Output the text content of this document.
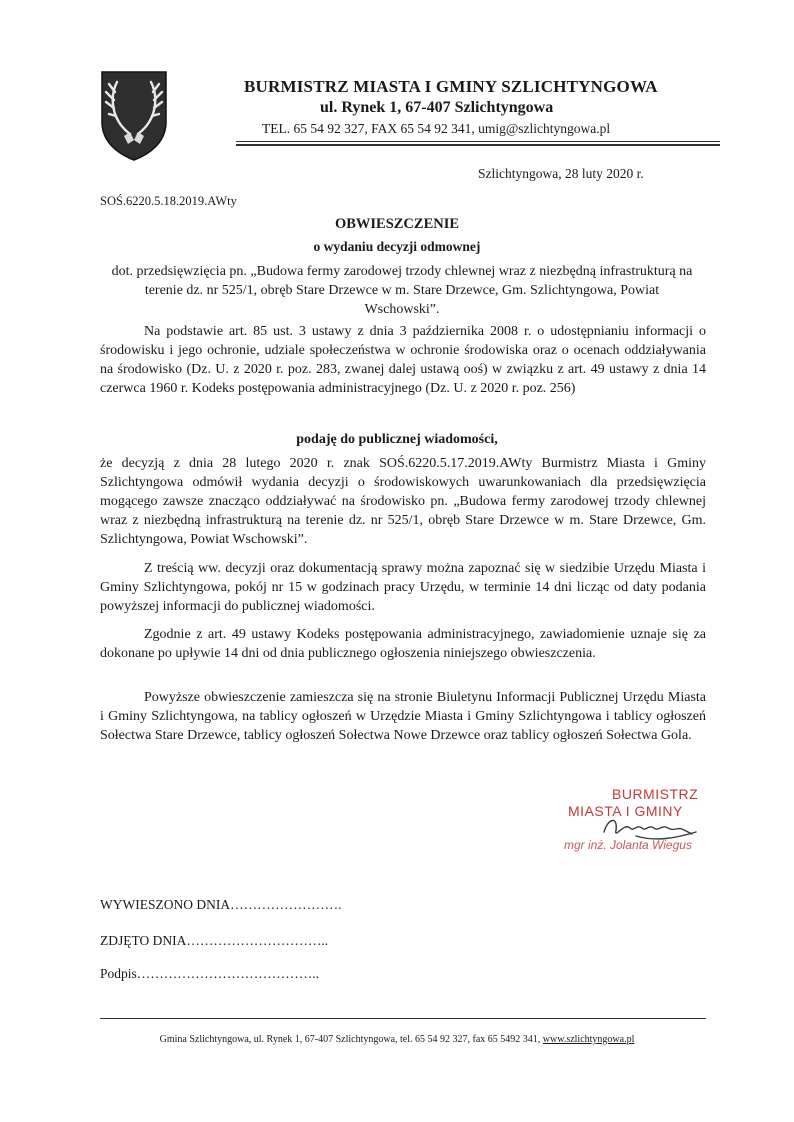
BURMISTRZ MIASTA I GMINY SZLICHTYNGOWA
ul. Rynek 1, 67-407 Szlichtyngowa
TEL. 65 54 92 327, FAX 65 54 92 341, umig@szlichtyngowa.pl
Szlichtyngowa, 28 luty 2020 r.
SOŚ.6220.5.18.2019.AWty
OBWIESZCZENIE
o wydaniu decyzji odmownej
dot. przedsięwzięcia pn. „Budowa fermy zarodowej trzody chlewnej wraz z niezbędną infrastrukturą na terenie dz. nr 525/1, obręb Stare Drzewce w m. Stare Drzewce, Gm. Szlichtyngowa, Powiat Wschowski”.
Na podstawie art. 85 ust. 3 ustawy z dnia 3 października 2008 r. o udostępnianiu informacji o środowisku i jego ochronie, udziale społeczeństwa w ochronie środowiska oraz o ocenach oddziaływania na środowisko (Dz. U. z 2020 r. poz. 283, zwanej dalej ustawą ooś) w związku z art. 49 ustawy z dnia 14 czerwca 1960 r. Kodeks postępowania administracyjnego (Dz. U. z 2020 r. poz. 256)
podaję do publicznej wiadomości,
że decyzją z dnia 28 lutego 2020 r. znak SOŚ.6220.5.17.2019.AWty Burmistrz Miasta i Gminy Szlichtyngowa odmówił wydania decyzji o środowiskowych uwarunkowaniach dla przedsięwzięcia mogącego zawsze znacząco oddziaływać na środowisko pn. „Budowa fermy zarodowej trzody chlewnej wraz z niezbędną infrastrukturą na terenie dz. nr 525/1, obręb Stare Drzewce w m. Stare Drzewce, Gm. Szlichtyngowa, Powiat Wschowski”.
Z treścią ww. decyzji oraz dokumentacją sprawy można zapoznać się w siedzibie Urzędu Miasta i Gminy Szlichtyngowa, pokój nr 15 w godzinach pracy Urzędu, w terminie 14 dni licząc od daty podania powyższej informacji do publicznej wiadomości.
Zgodnie z art. 49 ustawy Kodeks postępowania administracyjnego, zawiadomienie uznaje się za dokonane po upływie 14 dni od dnia publicznego ogłoszenia niniejszego obwieszczenia.
Powyższe obwieszczenie zamieszcza się na stronie Biuletynu Informacji Publicznej Urzędu Miasta i Gminy Szlichtyngowa, na tablicy ogłoszeń w Urzędzie Miasta i Gminy Szlichtyngowa i tablicy ogłoszeń Sołectwa Stare Drzewce, tablicy ogłoszeń Sołectwa Nowe Drzewce oraz tablicy ogłoszeń Sołectwa Gola.
BURMISTRZ
MIASTA I GMINY
mgr inż. Jolanta Wiegus
WYWIESZONO DNIA…………………….
ZDJĘTO DNIA…………………………..
Podpis…………………………………..
Gmina Szlichtyngowa, ul. Rynek 1, 67-407 Szlichtyngowa, tel. 65 54 92 327, fax 65 5492 341, www.szlichtyngowa.pl
